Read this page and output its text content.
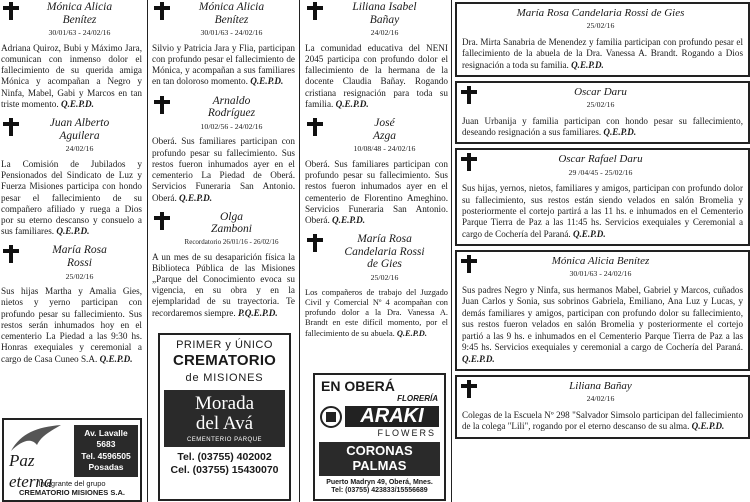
Mónica Alicia Benítez
30/01/63 - 24/02/16
Adriana Quiroz, Bubi y Máximo Jara, comunican con inmenso dolor el fallecimiento de su querida amiga Mónica y acompañan a Negro y Ninfa, Mabel, Gabi y Marcos en tan triste momento. Q.E.P.D.
Juan Alberto Aguilera
24/02/16
La Comisión de Jubilados y Pensionados del Sindicato de Luz y Fuerza Misiones participa con hondo pesar el fallecimiento de su compañero afiliado y ruega a Dios por su eterno descanso y consuelo a sus familiares. Q.E.P.D.
María Rosa Rossi
25/02/16
Sus hijas Martha y Amalia Gies, nietos y yerno participan con profundo pesar su fallecimiento. Sus restos serán inhumados hoy en el cementerio La Piedad a las 9:30 hs. Honras exequiales y ceremonial a cargo de Casa Cuneo S.A. Q.E.P.D.
Paz eterna
Av. Lavalle 5683
Tel. 4596505
Posadas
Integrante del grupo
CREMATORIO MISIONES S.A.
Mónica Alicia Benítez
30/01/63 - 24/02/16
Silvio y Patricia Jara y Flia, participan con profundo pesar el fallecimiento de Mónica, y acompañan a sus familiares en tan doloroso momento. Q.E.P.D.
Arnaldo Rodríguez
10/02/56 - 24/02/16
Oberá. Sus familiares participan con profundo pesar su fallecimiento. Sus restos fueron inhumados ayer en el cementerio La Piedad de Oberá. Servicios Funeraria San Antonio. Oberá. Q.E.P.D.
Olga Zamboni
Recordatorio 26/01/16 - 26/02/16
A un mes de su desaparición física la Biblioteca Pública de las Misiones „Parque del Conocimiento evoca su vigencia, en su obra y en la ejemplaridad de su trayectoria. Te recordaremos siempre. P.Q.E.P.D.
PRIMER y ÚNICO
CREMATORIO
de MISIONES
Morada
del Avá
CEMENTERIO PARQUE
Tel. (03755) 402002
Cel. (03755) 15430070
Liliana Isabel Bañay
24/02/16
La comunidad educativa del NENI 2045 participa con profundo dolor el fallecimiento de la hermana de la docente Claudia Bañay. Rogando cristiana resignación para toda su familia. Q.E.P.D.
José Azga
10/08/48 - 24/02/16
Oberá. Sus familiares participan con profundo pesar su fallecimiento. Sus restos fueron inhumados ayer en el cementerio de Florentino Ameghino. Servicios Funeraria San Antonio. Oberá. Q.E.P.D.
María Rosa Candelaria Rossi de Gies
25/02/16
Los compañeros de trabajo del Juzgado Civil y Comercial Nº 4 acompañan con profundo dolor a la Dra. Vanessa A. Brandt en este difícil momento, por el fallecimiento de su abuela. Q.E.P.D.
EN OBERÁ
FLORERÍA
ARAKI
FLOWERS
CORONAS
PALMAS
Puerto Madryn 49, Oberá, Mnes.
Tel: (03755) 423833/15556689
María Rosa Candelaria Rossi de Gies
25/02/16
Dra. Mirta Sanabria de Menendez y familia participan con profundo pesar el fallecimiento de la abuela de la Dra. Vanessa A. Brandt. Rogando a Dios resignación a toda su familia. Q.E.P.D.
Oscar Daru
25/02/16
Juan Urbanija y familia participan con hondo pesar su fallecimiento, deseando resignación a sus familiares. Q.E.P.D.
Oscar Rafael Daru
29 /04/45 - 25/02/16
Sus hijas, yernos, nietos, familiares y amigos, participan con profundo dolor su fallecimiento, sus restos están siendo velados en salón Bromelia y posteriormente el cortejo partirá a las 11 hs. e inhumados en el Cementerio Parque Tierra de Paz a las 11:45 hs. Servicios exequiales y Ceremonial a cargo de Cochería del Paraná. Q.E.P.D.
Mónica Alicia Benítez
30/01/63 - 24/02/16
Sus padres Negro y Ninfa, sus hermanos Mabel, Gabriel y Marcos, cuñados Juan Carlos y Sonia, sus sobrinos Gabriela, Emiliano, Ana Luz y Lucas, y demás familiares y amigos, participan con profundo dolor su fallecimiento, sus restos fueron velados en salón Bromelia y posteriormente el cortejo partió a las 9 hs. e inhumados en el Cementerio Parque Tierra de Paz a las 9:45 hs. Servicios exequiales y ceremonial a cargo de Cochería del Paraná. Q.E.P.D.
Liliana Bañay
24/02/16
Colegas de la Escuela Nº 298 "Salvador Simsolo participan del fallecimiento de la colega "Lili", rogando por el eterno descanso de su alma. Q.E.P.D.
